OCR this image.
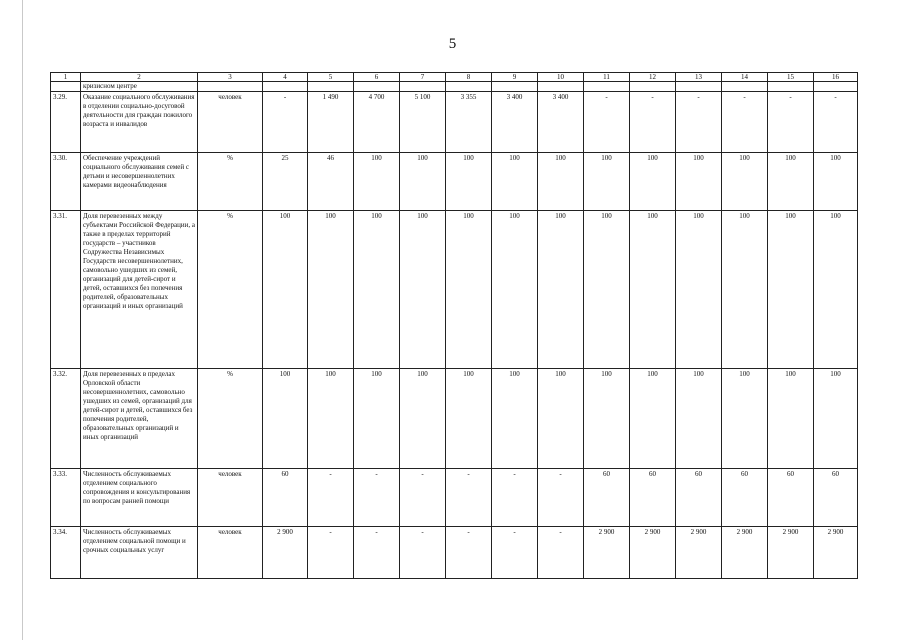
5
1	2	3	4	5	6	7	8	9	10	11	12	13	14	15	16
	кризисном центре														
3.29.	Оказание социального обслуживания в отделении социально-досуговой деятельности для граждан пожилого возраста и инвалидов	человек	-	1 490	4 700	5 100	3 355	3 400	3 400	-	-	-	-	-	-
3.30.	Обеспечение учреждений социального обслуживания семей с детьми и несовершеннолетних камерами видеонаблюдения	%	25	46	100	100	100	100	100	100	100	100	100	100	100
3.31.	Доля перевезенных между субъектами Российской Федерации, а также в пределах территорий государств – участников Содружества Независимых Государств несовершеннолетних, самовольно ушедших из семей, организаций для детей-сирот и детей, оставшихся без попечения родителей, образовательных организаций и иных организаций	%	100	100	100	100	100	100	100	100	100	100	100	100	100
3.32.	Доля перевезенных в пределах Орловской области несовершеннолетних, самовольно ушедших из семей, организаций для детей-сирот и детей, оставшихся без попечения родителей, образовательных организаций и иных организаций	%	100	100	100	100	100	100	100	100	100	100	100	100	100
3.33.	Численность обслуживаемых отделением социального сопровождения и консультирования по вопросам ранней помощи	человек	60	-	-	-	-	-	-	60	60	60	60	60	60
3.34.	Численность обслуживаемых отделением социальной помощи и срочных социальных услуг	человек	2 900	-	-	-	-	-	-	2 900	2 900	2 900	2 900	2 900	2 900
